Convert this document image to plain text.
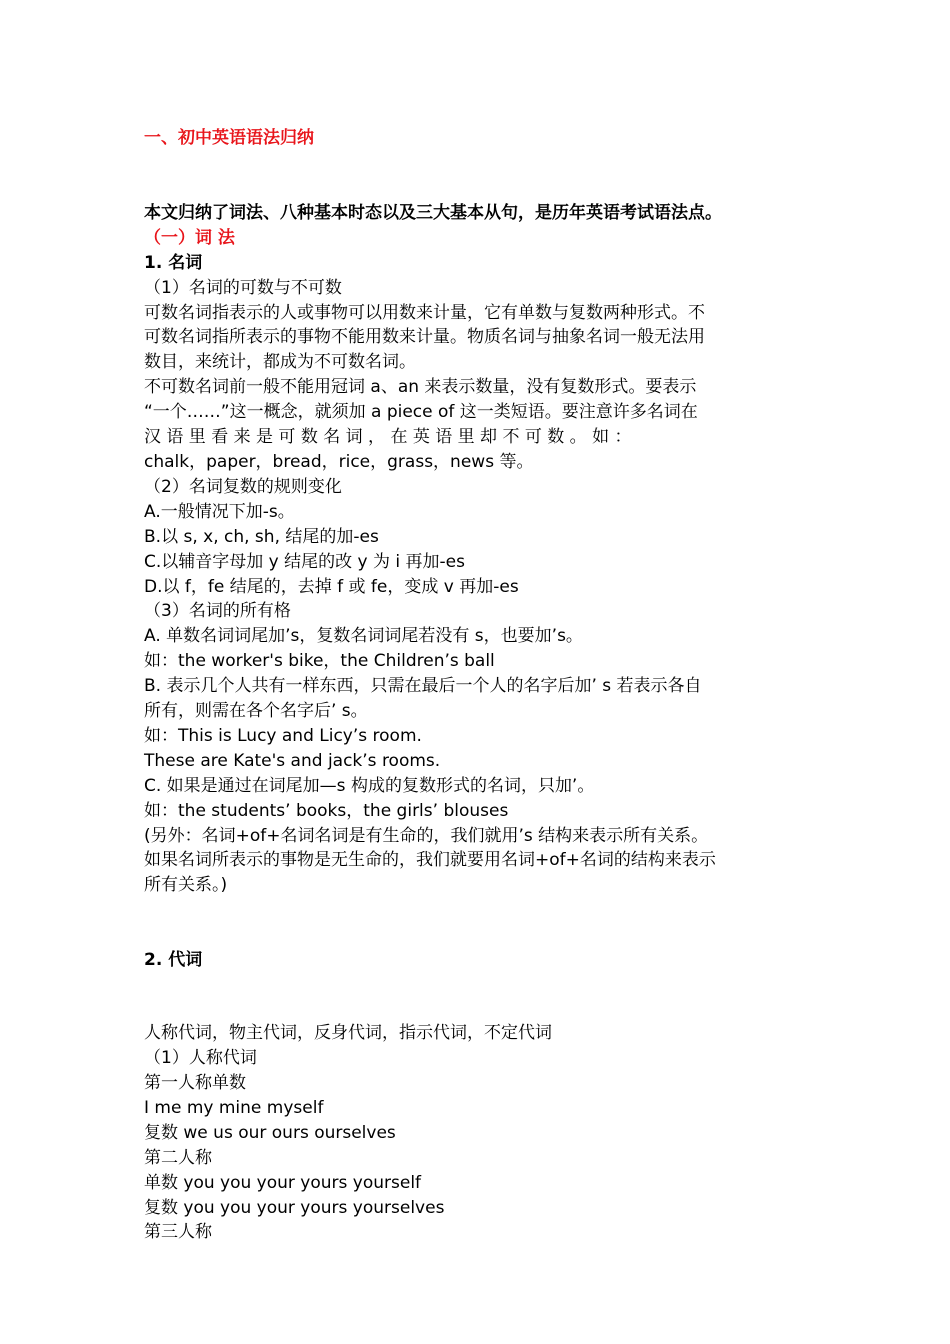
一、初中英语语法归纳
本文归纳了词法、八种基本时态以及三大基本从句，是历年英语考试语法点。
（一）词 法
1. 名词
（1）名词的可数与不可数
可数名词指表示的人或事物可以用数来计量，它有单数与复数两种形式。不
可数名词指所表示的事物不能用数来计量。物质名词与抽象名词一般无法用
数目，来统计，都成为不可数名词。
不可数名词前一般不能用冠词 a、an 来表示数量，没有复数形式。要表示
“一个……”这一概念，就须加 a piece of 这一类短语。要注意许多名词在
汉 语 里 看 来 是 可 数 名 词 ， 在 英 语 里 却 不 可 数 。 如 ：
chalk，paper，bread，rice，grass，news 等。
（2）名词复数的规则变化
A.一般情况下加-s。
B.以 s, x, ch, sh, 结尾的加-es
C.以辅音字母加 y 结尾的改 y 为 i 再加-es
D.以 f，fe 结尾的，去掉 f 或 fe，变成 v 再加-es
（3）名词的所有格
A. 单数名词词尾加’s，复数名词词尾若没有 s，也要加’s。
如：the worker's bike，the Children’s ball
B. 表示几个人共有一样东西，只需在最后一个人的名字后加’ s 若表示各自
所有，则需在各个名字后’ s。
如：This is Lucy and Licy’s room.
These are Kate's and jack’s rooms.
C. 如果是通过在词尾加—s 构成的复数形式的名词，只加’。
如：the students’ books，the girls’ blouses
(另外：名词+of+名词名词是有生命的，我们就用’s 结构来表示所有关系。
如果名词所表示的事物是无生命的，我们就要用名词+of+名词的结构来表示
所有关系。)
2. 代词
人称代词，物主代词，反身代词，指示代词，不定代词
（1）人称代词
第一人称单数
I me my mine myself
复数 we us our ours ourselves
第二人称
单数 you you your yours yourself
复数 you you your yours yourselves
第三人称
